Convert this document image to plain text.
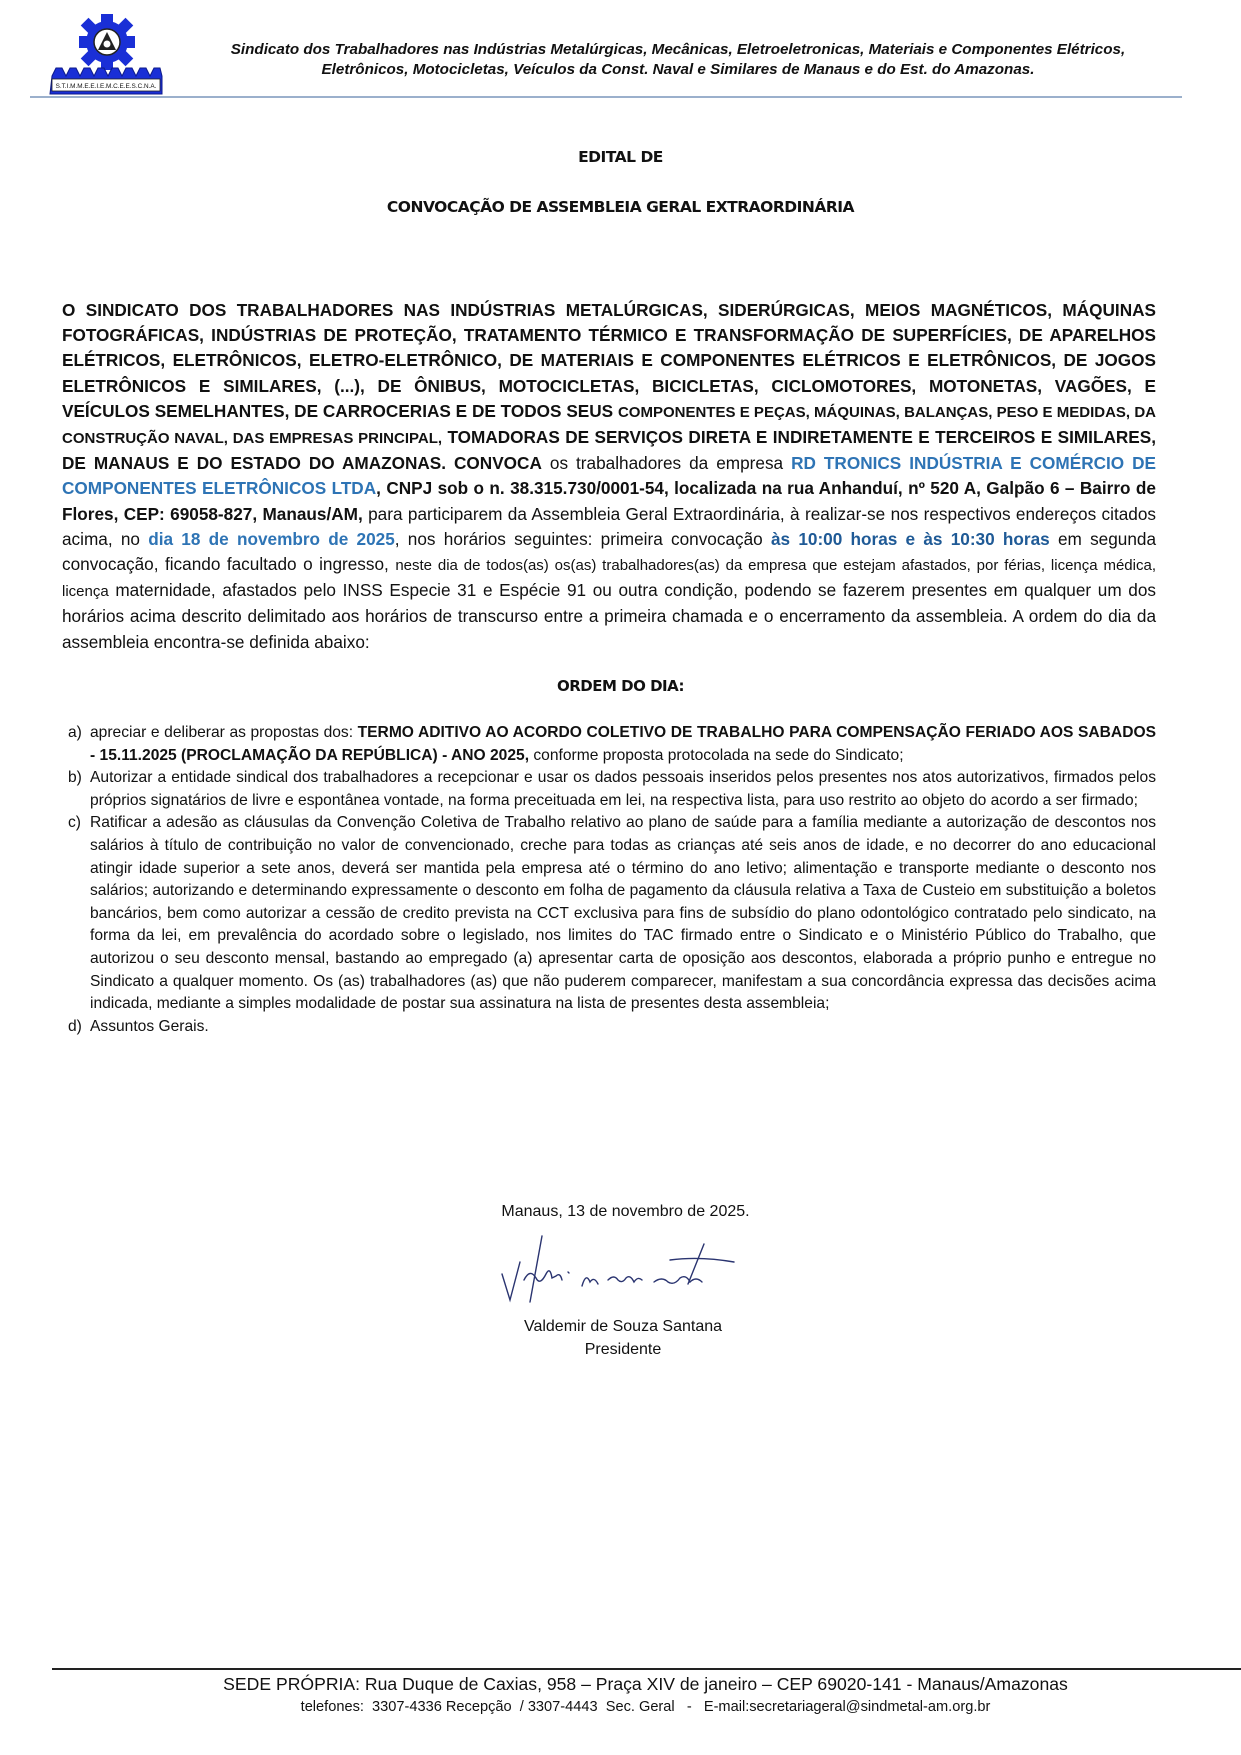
S.T.I.M.M.E.E.I.E.M.C.E.E.S.C.N.A.
Sindicato dos Trabalhadores nas Indústrias Metalúrgicas, Mecânicas, Eletroeletronicas, Materiais e Componentes Elétricos,
Eletrônicos, Motocicletas, Veículos da Const. Naval e Similares de Manaus e do Est. do Amazonas.
EDITAL DE
CONVOCAÇÃO DE ASSEMBLEIA GERAL EXTRAORDINÁRIA
O SINDICATO DOS TRABALHADORES NAS INDÚSTRIAS METALÚRGICAS, SIDERÚRGICAS, MEIOS MAGNÉTICOS, MÁQUINAS FOTOGRÁFICAS, INDÚSTRIAS DE PROTEÇÃO, TRATAMENTO TÉRMICO E TRANSFORMAÇÃO DE SUPERFÍCIES, DE APARELHOS ELÉTRICOS, ELETRÔNICOS, ELETRO-ELETRÔNICO, DE MATERIAIS E COMPONENTES ELÉTRICOS E ELETRÔNICOS, DE JOGOS ELETRÔNICOS E SIMILARES, (...), DE ÔNIBUS, MOTOCICLETAS, BICICLETAS, CICLOMOTORES, MOTONETAS, VAGÕES, E VEÍCULOS SEMELHANTES, DE CARROCERIAS E DE TODOS SEUS COMPONENTES E PEÇAS, MÁQUINAS, BALANÇAS, PESO E MEDIDAS, DA CONSTRUÇÃO NAVAL, DAS EMPRESAS PRINCIPAL, TOMADORAS DE SERVIÇOS DIRETA E INDIRETAMENTE E TERCEIROS E SIMILARES, DE MANAUS E DO ESTADO DO AMAZONAS. CONVOCA os trabalhadores da empresa RD TRONICS INDÚSTRIA E COMÉRCIO DE COMPONENTES ELETRÔNICOS LTDA, CNPJ sob o n. 38.315.730/0001-54, localizada na rua Anhanduí, nº 520 A, Galpão 6 – Bairro de Flores, CEP: 69058-827, Manaus/AM, para participarem da Assembleia Geral Extraordinária, à realizar-se nos respectivos endereços citados acima, no dia 18 de novembro de 2025, nos horários seguintes: primeira convocação às 10:00 horas e às 10:30 horas em segunda convocação, ficando facultado o ingresso, neste dia de todos(as) os(as) trabalhadores(as) da empresa que estejam afastados, por férias, licença médica, licença maternidade, afastados pelo INSS Especie 31 e Espécie 91 ou outra condição, podendo se fazerem presentes em qualquer um dos horários acima descrito delimitado aos horários de transcurso entre a primeira chamada e o encerramento da assembleia. A ordem do dia da assembleia encontra-se definida abaixo:
ORDEM DO DIA:
a) apreciar e deliberar as propostas dos: TERMO ADITIVO AO ACORDO COLETIVO DE TRABALHO PARA COMPENSAÇÃO FERIADO AOS SABADOS - 15.11.2025 (PROCLAMAÇÃO DA REPÚBLICA) - ANO 2025, conforme proposta protocolada na sede do Sindicato;
b) Autorizar a entidade sindical dos trabalhadores a recepcionar e usar os dados pessoais inseridos pelos presentes nos atos autorizativos, firmados pelos próprios signatários de livre e espontânea vontade, na forma preceituada em lei, na respectiva lista, para uso restrito ao objeto do acordo a ser firmado;
c) Ratificar a adesão as cláusulas da Convenção Coletiva de Trabalho relativo ao plano de saúde para a família mediante a autorização de descontos nos salários à título de contribuição no valor de convencionado, creche para todas as crianças até seis anos de idade, e no decorrer do ano educacional atingir idade superior a sete anos, deverá ser mantida pela empresa até o término do ano letivo; alimentação e transporte mediante o desconto nos salários; autorizando e determinando expressamente o desconto em folha de pagamento da cláusula relativa a Taxa de Custeio em substituição a boletos bancários, bem como autorizar a cessão de credito prevista na CCT exclusiva para fins de subsídio do plano odontológico contratado pelo sindicato, na forma da lei, em prevalência do acordado sobre o legislado, nos limites do TAC firmado entre o Sindicato e o Ministério Público do Trabalho, que autorizou o seu desconto mensal, bastando ao empregado (a) apresentar carta de oposição aos descontos, elaborada a próprio punho e entregue no Sindicato a qualquer momento. Os (as) trabalhadores (as) que não puderem comparecer, manifestam a sua concordância expressa das decisões acima indicada, mediante a simples modalidade de postar sua assinatura na lista de presentes desta assembleia;
d) Assuntos Gerais.
Manaus, 13 de novembro de 2025.
Valdemir de Souza Santana
Presidente
SEDE PRÓPRIA: Rua Duque de Caxias, 958 – Praça XIV de janeiro – CEP 69020-141 - Manaus/Amazonas
telefones:  3307-4336 Recepção  / 3307-4443  Sec. Geral   -   E-mail:secretariageral@sindmetal-am.org.br
